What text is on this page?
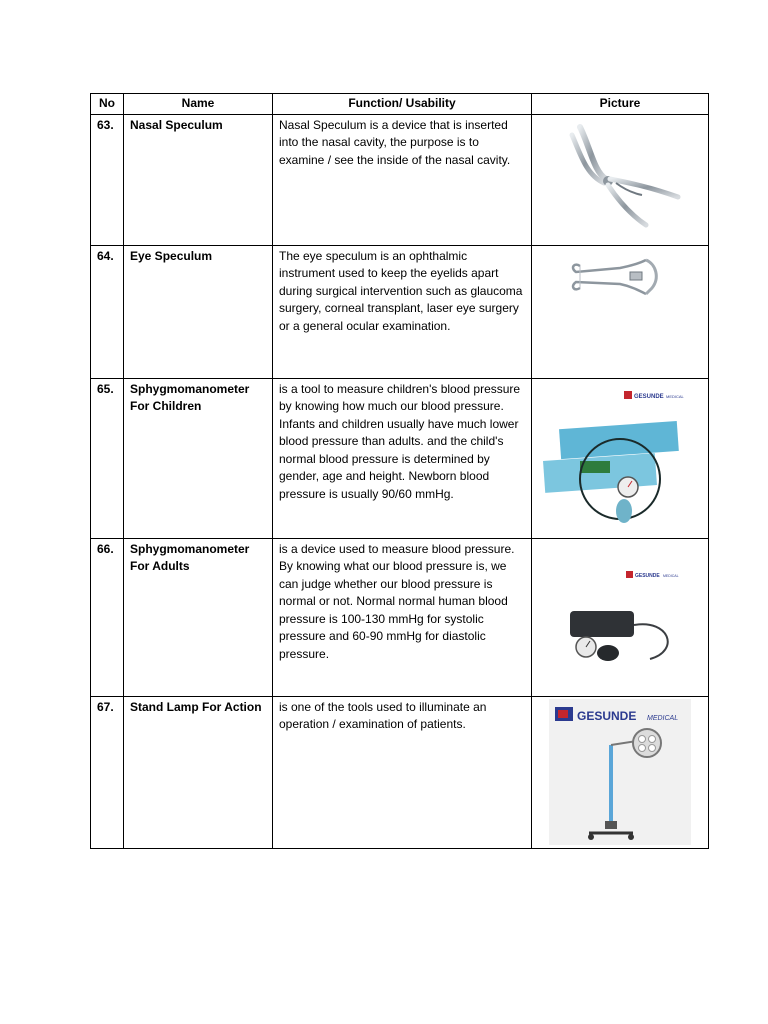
No	Name	Function/ Usability	Picture
63.	Nasal Speculum	Nasal Speculum is a device that is inserted into the nasal cavity, the purpose is to examine / see the inside of the nasal cavity.	

64.	Eye Speculum	The eye speculum is an ophthalmic instrument used to keep the eyelids apart during surgical intervention such as glaucoma surgery, corneal transplant, laser eye surgery or a general ocular examination.	

65.	Sphygmomanometer For Children	is a tool to measure children's blood pressure by knowing how much our blood pressure. Infants and children usually have much lower blood pressure than adults. and the child's normal blood pressure is determined by gender, age and height. Newborn blood pressure is usually 90/60 mmHg.	GESUNDE MEDICAL

66.	Sphygmomanometer For Adults	is a device used to measure blood pressure. By knowing what our blood pressure is, we can judge whether our blood pressure is normal or not. Normal normal human blood pressure is 100-130 mmHg for systolic pressure and 60-90 mmHg for diastolic pressure.	GESUNDE MEDICAL

67.	Stand Lamp For Action	is one of the tools used to illuminate an operation / examination of patients.	GESUNDE MEDICAL
